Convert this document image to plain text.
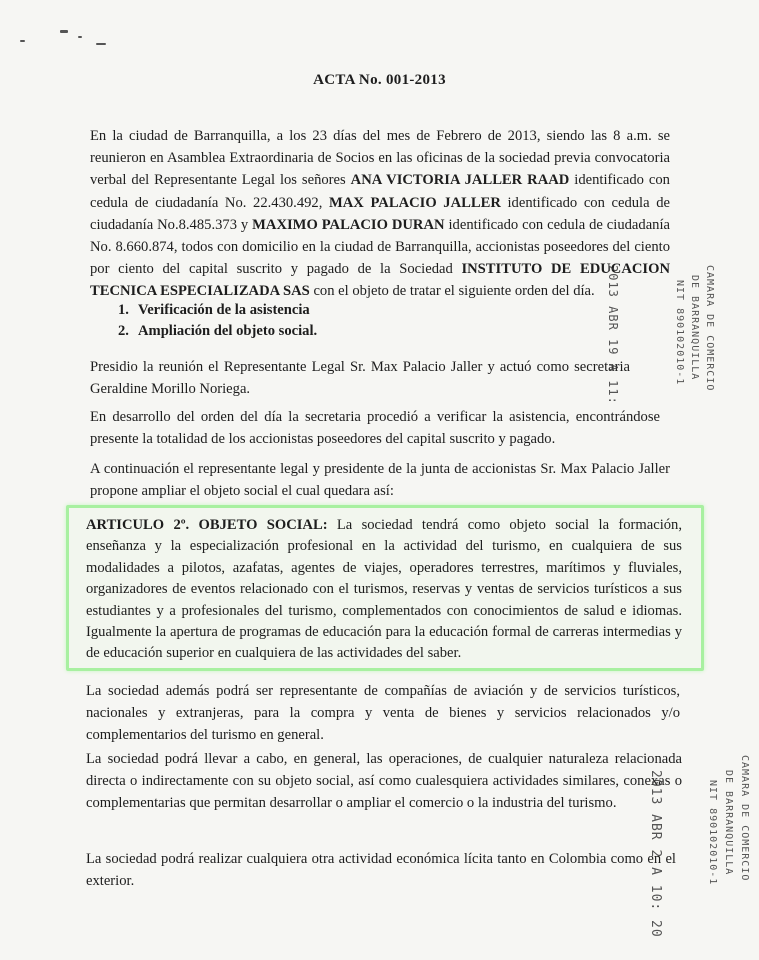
ACTA No. 001-2013
En la ciudad de Barranquilla, a los 23 días del mes de Febrero de 2013, siendo las 8 a.m. se reunieron en Asamblea Extraordinaria de Socios en las oficinas de la sociedad previa convocatoria verbal del Representante Legal los señores ANA VICTORIA JALLER RAAD identificado con cedula de ciudadanía No. 22.430.492, MAX PALACIO JALLER identificado con cedula de ciudadanía No.8.485.373 y MAXIMO PALACIO DURAN identificado con cedula de ciudadanía No. 8.660.874, todos con domicilio en la ciudad de Barranquilla, accionistas poseedores del ciento por ciento del capital suscrito y pagado de la Sociedad INSTITUTO DE EDUCACION TECNICA ESPECIALIZADA SAS con el objeto de tratar el siguiente orden del día.
1. Verificación de la asistencia
2. Ampliación del objeto social.
Presidio la reunión el Representante Legal Sr. Max Palacio Jaller y actuó como secretaria Geraldine Morillo Noriega.
En desarrollo del orden del día la secretaria procedió a verificar la asistencia, encontrándose presente la totalidad de los accionistas poseedores del capital suscrito y pagado.
A continuación el representante legal y presidente de la junta de accionistas Sr. Max Palacio Jaller propone ampliar el objeto social el cual quedara así:
ARTICULO 2º. OBJETO SOCIAL: La sociedad tendrá como objeto social la formación, enseñanza y la especialización profesional en la actividad del turismo, en cualquiera de sus modalidades a pilotos, azafatas, agentes de viajes, operadores terrestres, marítimos y fluviales, organizadores de eventos relacionado con el turismos, reservas y ventas de servicios turísticos a sus estudiantes y a profesionales del turismo, complementados con conocimientos de salud e idiomas. Igualmente la apertura de programas de educación para la educación formal de carreras intermedias y de educación superior en cualquiera de las actividades del saber.
La sociedad además podrá ser representante de compañías de aviación y de servicios turísticos, nacionales y extranjeras, para la compra y venta de bienes y servicios relacionados y/o complementarios del turismo en general.
La sociedad podrá llevar a cabo, en general, las operaciones, de cualquier naturaleza relacionada directa o indirectamente con su objeto social, así como cualesquiera actividades similares, conexas o complementarias que permitan desarrollar o ampliar el comercio o la industria del turismo.
La sociedad podrá realizar cualquiera otra actividad económica lícita tanto en Colombia como en el exterior.
2013 ABR 19 A 11:	CAMARA DE COMERCIO
DE BARRANQUILLA
NIT 890102010-1
2013 ABR 2 A 10: 20	CAMARA DE COMERCIO
DE BARRANQUILLA
NIT 890102010-1
